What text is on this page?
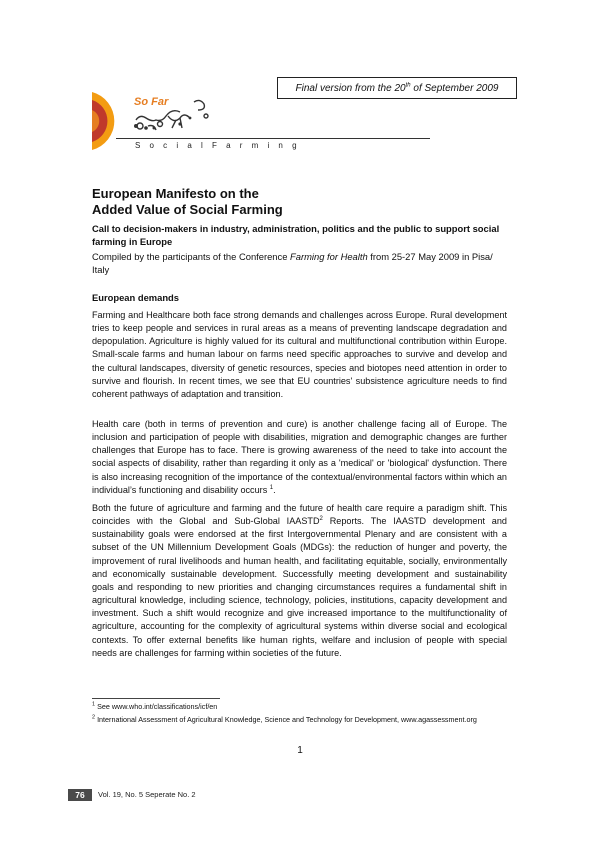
Final version from the 20th of September 2009
So Far
SocialFarming
European Manifesto on the
Added Value of Social Farming
Call to decision-makers in industry, administration, politics and the public to support social farming in Europe
Compiled by the participants of the Conference Farming for Health from 25-27 May 2009 in Pisa/ Italy
European demands
Farming and Healthcare both face strong demands and challenges across Europe. Rural development tries to keep people and services in rural areas as a means of preventing landscape degradation and depopulation. Agriculture is highly valued for its cultural and multifunctional contribution within Europe. Small-scale farms and human labour on farms need specific approaches to survive and develop and the cultural landscapes, diversity of genetic resources, species and biotopes need attention in order to survive and flourish. In recent times, we see that EU countries' subsistence agriculture needs to find coherent pathways of adaptation and transition.
Health care (both in terms of prevention and cure) is another challenge facing all of Europe. The inclusion and participation of people with disabilities, migration and demographic changes are further challenges that Europe has to face. There is growing awareness of the need to take into account the social aspects of disability, rather than regarding it only as a 'medical' or 'biological' dysfunction. There is also increasing recognition of the importance of the contextual/environmental factors within which an individual’s functioning and disability occurs $^1$.
Both the future of agriculture and farming and the future of health care require a paradigm shift. This coincides with the Global and Sub-Global IAASTD$^2$ Reports. The IAASTD development and sustainability goals were endorsed at the first Intergovernmental Plenary and are consistent with a subset of the UN Millennium Development Goals (MDGs): the reduction of hunger and poverty, the improvement of rural livelihoods and human health, and facilitating equitable, socially, environmentally and economically sustainable development. Successfully meeting development and sustainability goals and responding to new priorities and changing circumstances requires a fundamental shift in agricultural knowledge, including science, technology, policies, institutions, capacity development and investment. Such a shift would recognize and give increased importance to the multifunctionality of agriculture, accounting for the complexity of agricultural systems within diverse social and ecological contexts. To offer external benefits like human rights, welfare and inclusion of people with special needs are challenges for farming within societies of the future.
$^1$ See www.who.int/classifications/icf/en
$^2$ International Assessment of Agricultural Knowledge, Science and Technology for Development, www.agassessment.org
1
76	Vol. 19, No. 5 Seperate No. 2
